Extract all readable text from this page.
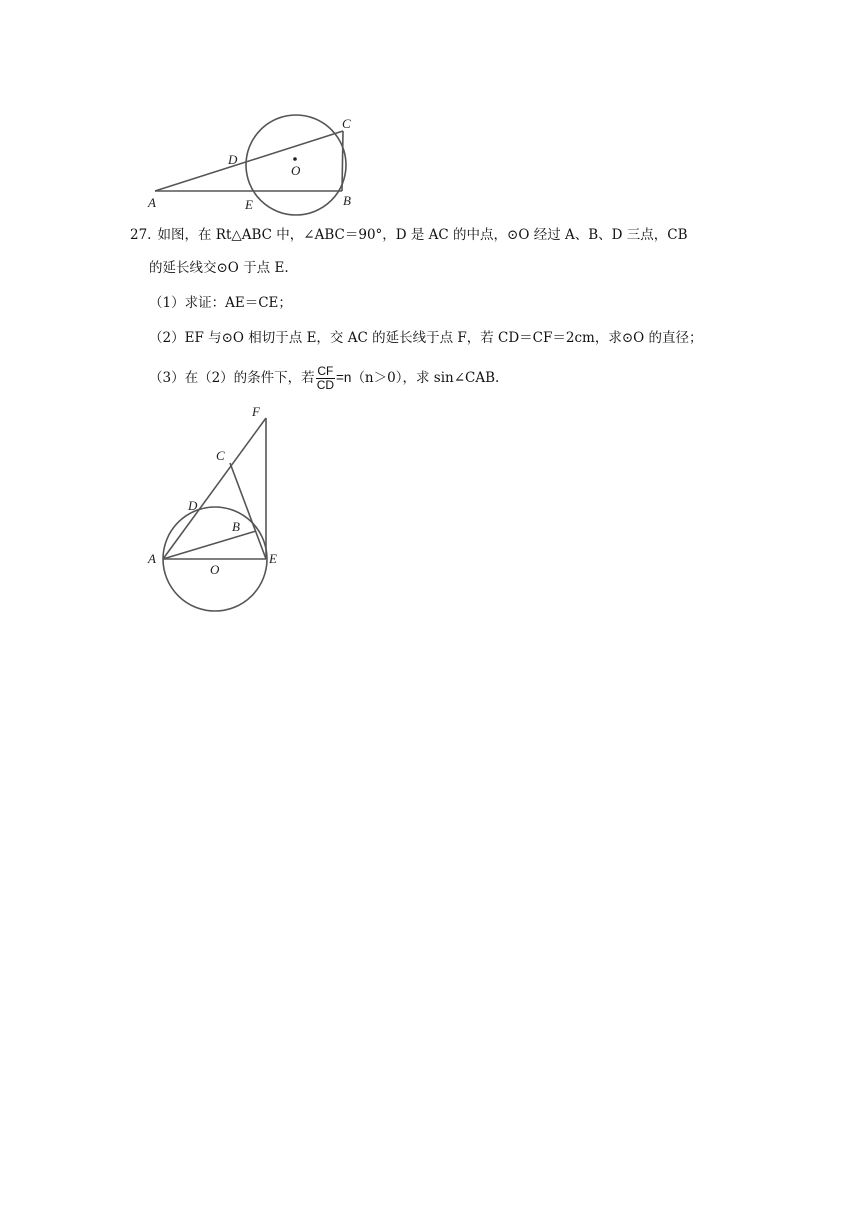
A	B
C
D
E
O
27. 如图，在 Rt△ABC 中，∠ABC＝90°，D 是 AC 的中点，⊙O 经过 A、B、D 三点，CB
的延长线交⊙O 于点 E.
（1）求证：AE＝CE；
（2）EF 与⊙O 相切于点 E，交 AC 的延长线于点 F，若 CD＝CF＝2cm，求⊙O 的直径；
（3）在（2）的条件下，若 $\frac{CF}{CD} =n(n>0)$，求 sin∠CAB.
F
C
D
B
A
O
E
